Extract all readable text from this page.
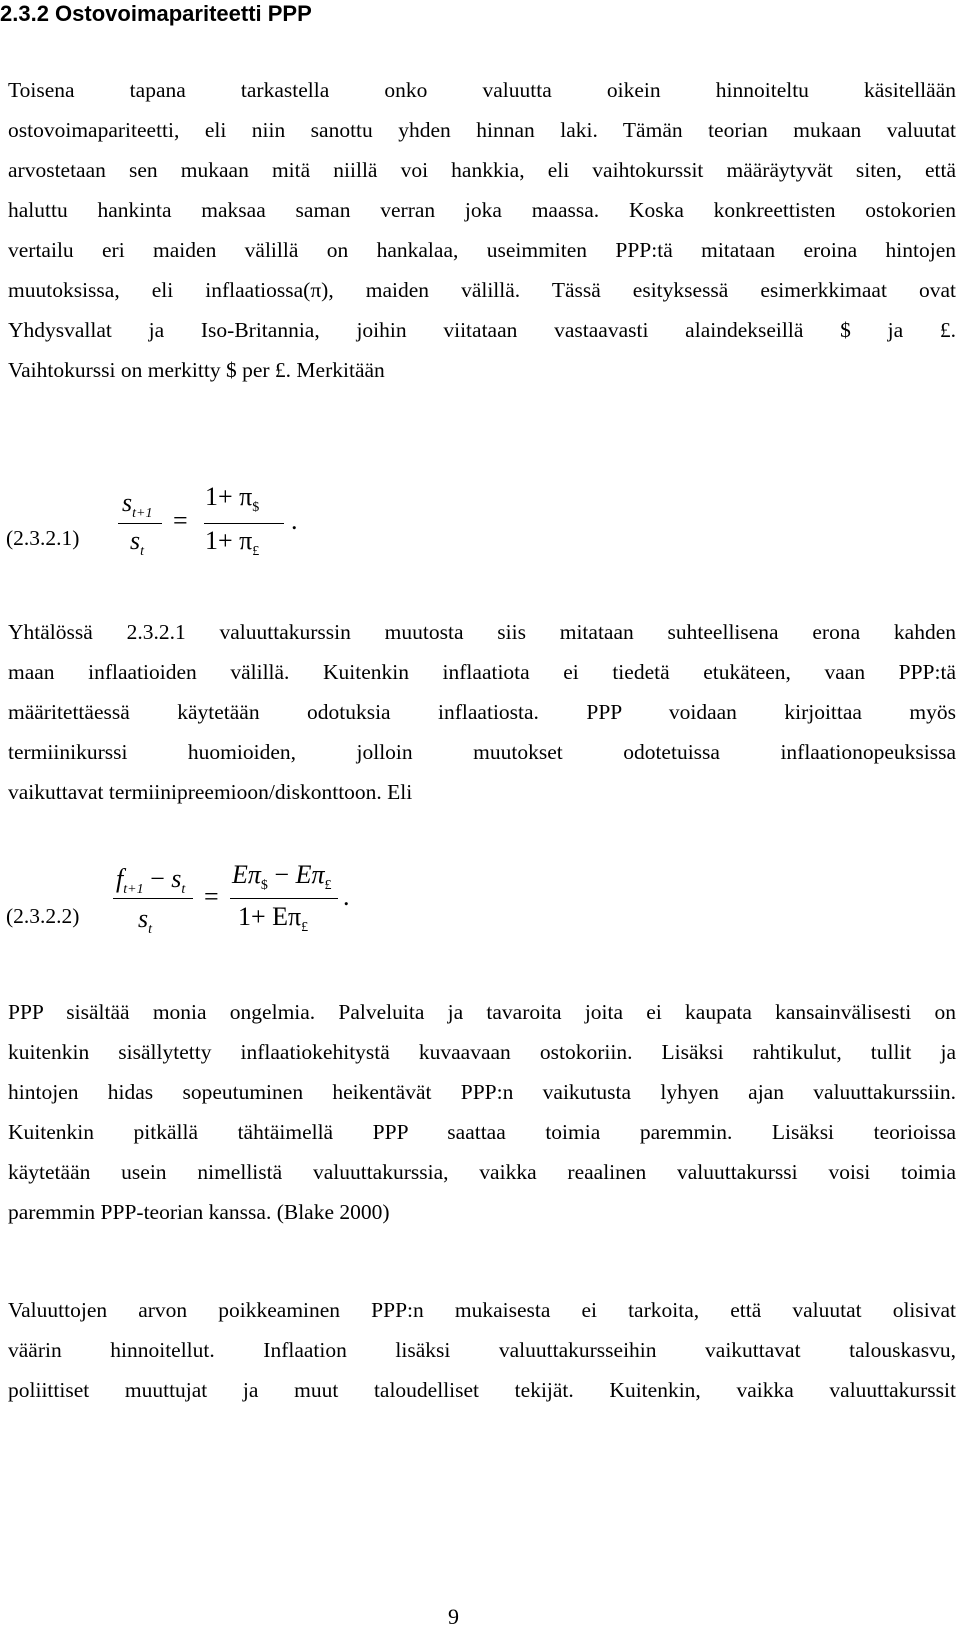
2.3.2 Ostovoimapariteetti PPP
Toisena tapana tarkastella onko valuutta oikein hinnoiteltu käsitellään
ostovoimapariteetti, eli niin sanottu yhden hinnan laki. Tämän teorian mukaan valuutat
arvostetaan sen mukaan mitä niillä voi hankkia, eli vaihtokurssit määräytyvät siten, että
haluttu hankinta maksaa saman verran joka maassa. Koska konkreettisten ostokorien
vertailu eri maiden välillä on hankalaa, useimmiten PPP:tä mitataan eroina hintojen
muutoksissa, eli inflaatiossa(π), maiden välillä. Tässä esityksessä esimerkkimaat ovat
Yhdysvallat ja Iso-Britannia, joihin viitataan vastaavasti alaindekseillä $ ja £.
Vaihtokurssi on merkitty $ per £. Merkitään
(2.3.2.1)
$s_{t+1}$
$s_t$
=
$1+ \pi_{\$}$
$1+ \pi_£$
.
Yhtälössä 2.3.2.1 valuuttakurssin muutosta siis mitataan suhteellisena erona kahden
maan inflaatioiden välillä. Kuitenkin inflaatiota ei tiedetä etukäteen, vaan PPP:tä
määritettäessä käytetään odotuksia inflaatiosta. PPP voidaan kirjoittaa myös
termiinikurssi huomioiden, jolloin muutokset odotetuissa inflaationopeuksissa
vaikuttavat termiinipreemioon/diskonttoon. Eli
(2.3.2.2)
$f_{t+1} - s_t$
$s_t$
=
$E\pi_{\$} - E\pi_£$
$1+ E\pi_£$
.
PPP sisältää monia ongelmia. Palveluita ja tavaroita joita ei kaupata kansainvälisesti on
kuitenkin sisällytetty inflaatiokehitystä kuvaavaan ostokoriin. Lisäksi rahtikulut, tullit ja
hintojen hidas sopeutuminen heikentävät PPP:n vaikutusta lyhyen ajan valuuttakurssiin.
Kuitenkin pitkällä tähtäimellä PPP saattaa toimia paremmin. Lisäksi teorioissa
käytetään usein nimellistä valuuttakurssia, vaikka reaalinen valuuttakurssi voisi toimia
paremmin PPP-teorian kanssa. (Blake 2000)
Valuuttojen arvon poikkeaminen PPP:n mukaisesta ei tarkoita, että valuutat olisivat
väärin hinnoitellut. Inflaation lisäksi valuuttakursseihin vaikuttavat talouskasvu,
poliittiset muuttujat ja muut taloudelliset tekijät. Kuitenkin, vaikka valuuttakurssit
9
